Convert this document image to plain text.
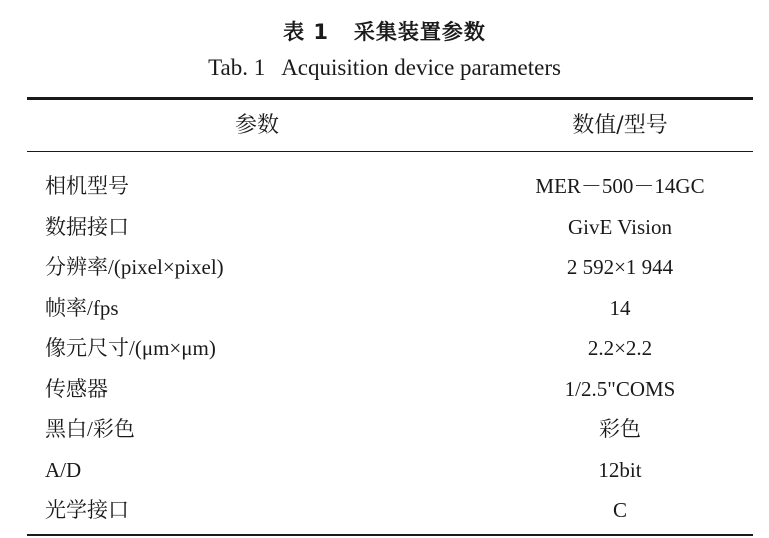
表 1   采集装置参数
Tab. 1   Acquisition device parameters
参数	数值/型号
相机型号	MER－500－14GC
数据接口	GivE Vision
分辨率/(pixel×pixel)	2 592×1 944
帧率/fps	14
像元尺寸/(μm×μm)	2.2×2.2
传感器	1/2.5"COMS
黑白/彩色	彩色
A/D	12bit
光学接口	C
